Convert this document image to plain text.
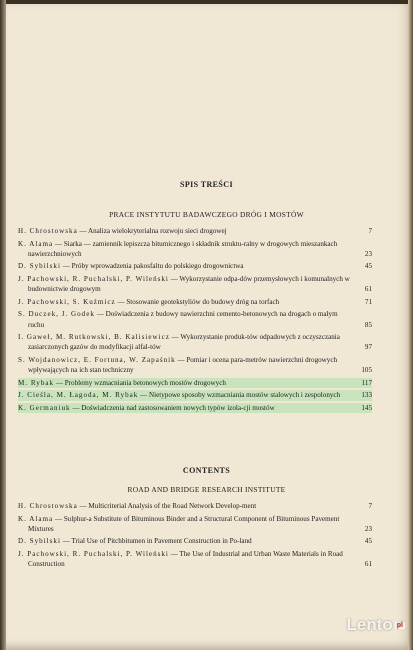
SPIS TREŚCI
PRACE INSTYTUTU BADAWCZEGO DRÓG I MOSTÓW
H. Chrostowska — Analiza wielokryterialna rozwoju sieci drogowej	7
K. Alama — Siarka — zamiennik lepiszcza bitumicznego i składnik struktu-ralny w drogowych mieszankach nawierzchniowych	23
D. Sybilski — Próby wprowadzenia pakosfaltu do polskiego drogownictwa	45
J. Pachowski, R. Puchalski, P. Wileński — Wykorzystanie odpa-dów przemysłowych i komunalnych w budownictwie drogowym	61
J. Pachowski, S. Kuźmicz — Stosowanie geotekstyliów do budowy dróg na torfach	71
S. Duczek, J. Godek — Doświadczenia z budowy nawierzchni cemento-betonowych na drogach o małym ruchu	85
I. Gaweł, M. Rutkowski, B. Kalisiewicz — Wykorzystanie produk-tów odpadowych z oczyszczania zasiarczonych gazów do modyfikacji alfal-tów	97
S. Wojdanowicz, E. Fortuna, W. Zapaśnik — Pomiar i ocena para-metrów nawierzchni drogowych wpływających na ich stan techniczny	105
M. Rybak — Problemy wzmacniania betonowych mostów drogowych	117
J. Cieśla, M. Łagoda, M. Rybak — Nietypowe sposoby wzmacniania mostów stalowych i zespolonych	133
K. Germaniuk — Doświadczenia nad zastosowaniem nowych typów izola-cji mostów	145
CONTENTS
ROAD AND BRIDGE RESEARCH INSTITUTE
H. Chrostowska — Multicriterial Analysis of the Road Network Develop-ment	7
K. Alama — Sulphur-a Substitute of Bituminous Binder and a Structural Component of Bituminous Pavement Mixtures	23
D. Sybilski — Trial Use of Pitchbitumen in Pavement Construction in Po-land	45
J. Pachowski, R. Puchalski, P. Wileński — The Use of Industrial and Urban Waste Materials in Road Construction	61
Lento pl
